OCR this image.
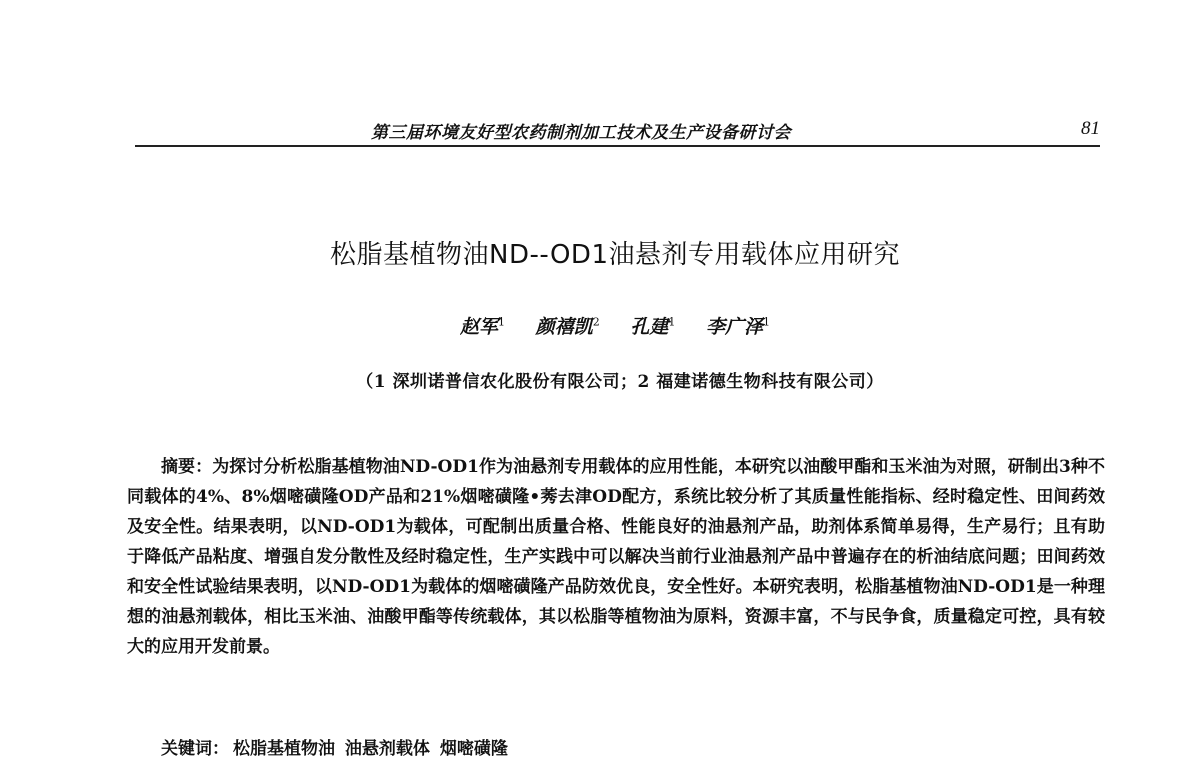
第三届环境友好型农药制剂加工技术及生产设备研讨会	81
松脂基植物油ND--OD1油悬剂专用载体应用研究
赵军$^1$ 颜禧凯$^2$ 孔建$^1$ 李广泽$^1$
（1 深圳诺普信农化股份有限公司；2 福建诺德生物科技有限公司）
摘要：为探讨分析松脂基植物油ND-OD1作为油悬剂专用载体的应用性能，本研究以油酸甲酯和玉米油为对照，研制出3种不同载体的4%、8%烟嘧磺隆OD产品和21%烟嘧磺隆•莠去津OD配方，系统比较分析了其质量性能指标、经时稳定性、田间药效及安全性。结果表明，以ND-OD1为载体，可配制出质量合格、性能良好的油悬剂产品，助剂体系简单易得，生产易行；且有助于降低产品粘度、增强自发分散性及经时稳定性，生产实践中可以解决当前行业油悬剂产品中普遍存在的析油结底问题；田间药效和安全性试验结果表明，以ND-OD1为载体的烟嘧磺隆产品防效优良，安全性好。本研究表明，松脂基植物油ND-OD1是一种理想的油悬剂载体，相比玉米油、油酸甲酯等传统载体，其以松脂等植物油为原料，资源丰富，不与民争食，质量稳定可控，具有较大的应用开发前景。
关键词： 松脂基植物油 油悬剂载体 烟嘧磺隆
